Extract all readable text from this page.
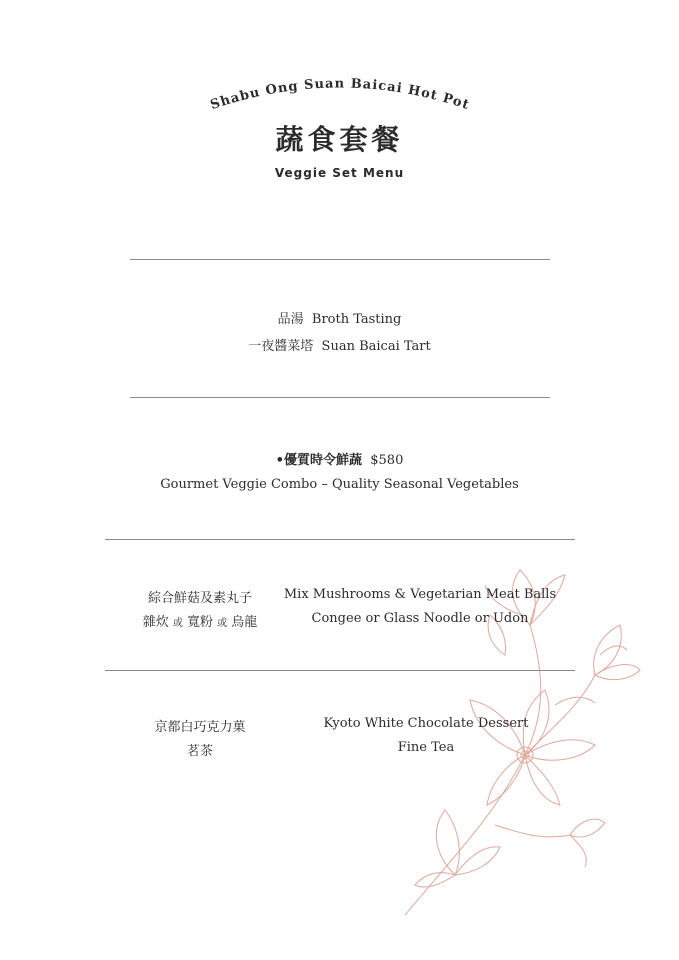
Shabu Ong Suan Baicai Hot Pot
蔬食套餐
Veggie Set Menu
品湯 Broth Tasting
一夜醬菜塔 Suan Baicai Tart
•優質時令鮮蔬 $580
Gourmet Veggie Combo – Quality Seasonal Vegetables
綜合鮮菇及素丸子
雜炊 或 寬粉 或 烏龍
Mix Mushrooms & Vegetarian Meat Balls
Congee or Glass Noodle or Udon
京都白巧克力菓
茗茶
Kyoto White Chocolate Dessert
Fine Tea
